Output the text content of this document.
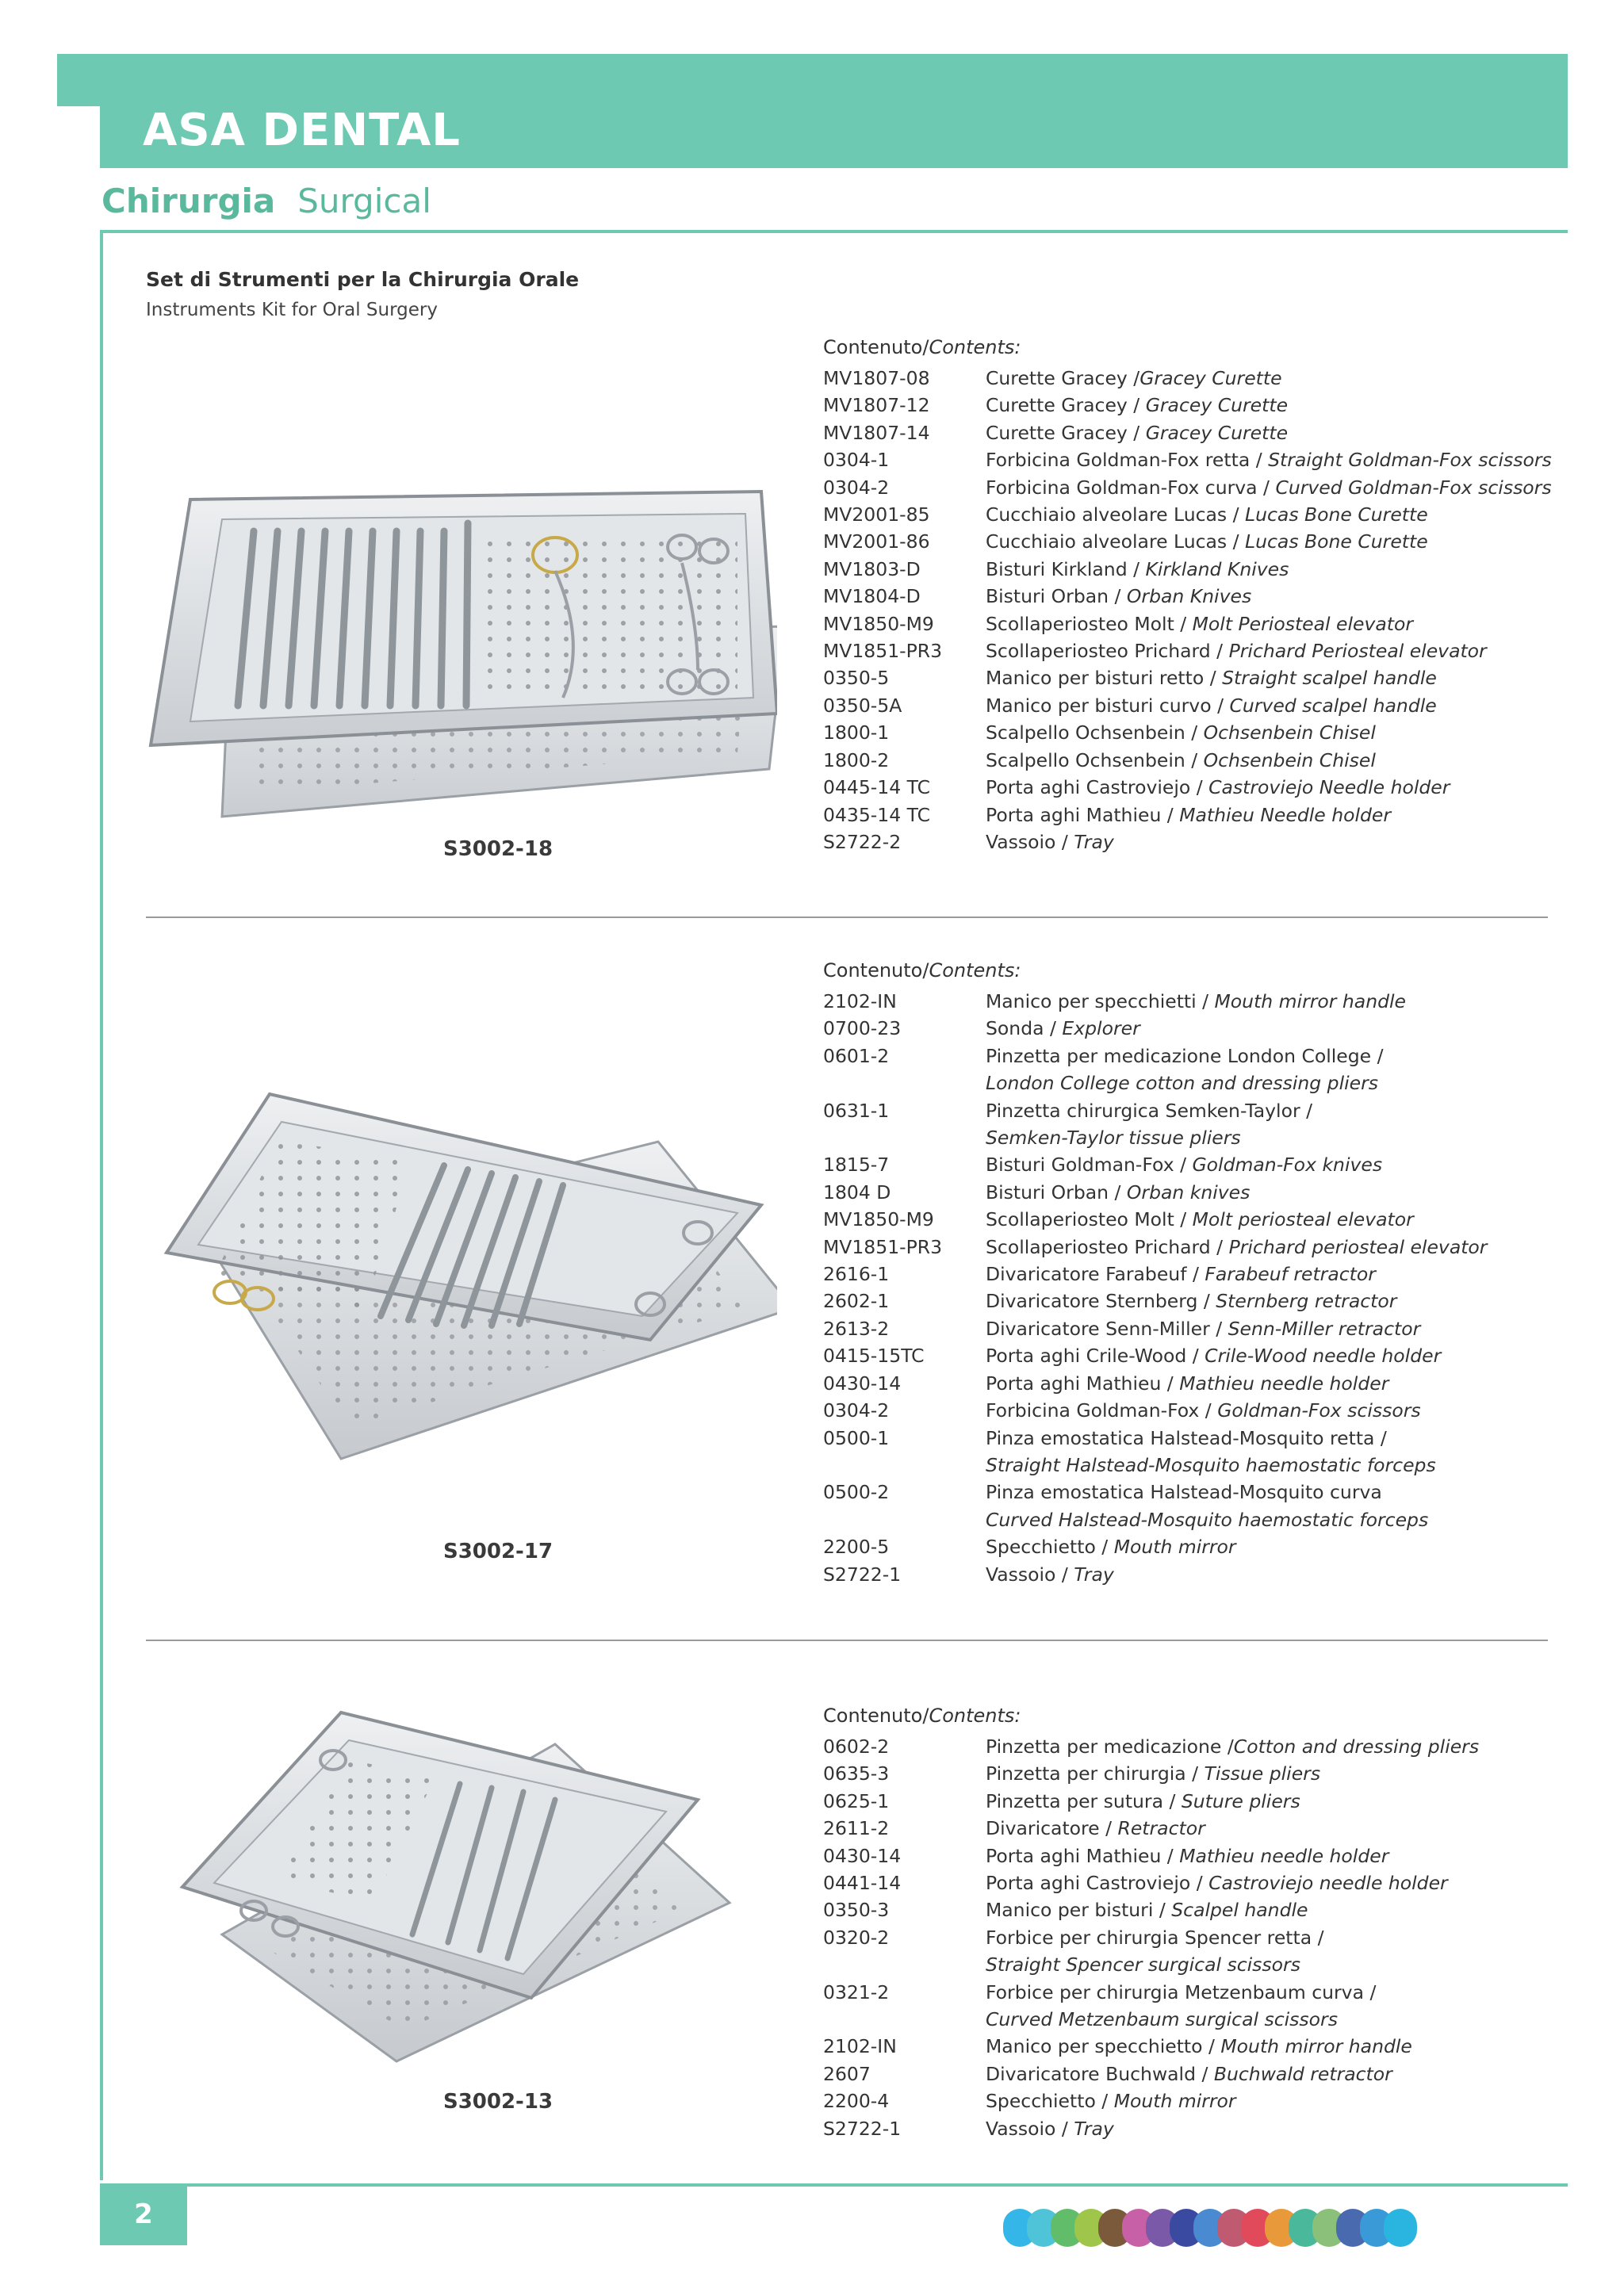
ASA DENTAL
Chirurgia Surgical
Set di Strumenti per la Chirurgia Orale
Instruments Kit for Oral Surgery
S3002-18
Contenuto/Contents:
MV1807-08	Curette Gracey /Gracey Curette
MV1807-12	Curette Gracey / Gracey Curette
MV1807-14	Curette Gracey / Gracey Curette
0304-1	Forbicina Goldman-Fox retta / Straight Goldman-Fox scissors
0304-2	Forbicina Goldman-Fox curva / Curved Goldman-Fox scissors
MV2001-85	Cucchiaio alveolare Lucas / Lucas Bone Curette
MV2001-86	Cucchiaio alveolare Lucas / Lucas Bone Curette
MV1803-D	Bisturi Kirkland / Kirkland Knives
MV1804-D	Bisturi Orban / Orban Knives
MV1850-M9	Scollaperiosteo Molt / Molt Periosteal elevator
MV1851-PR3	Scollaperiosteo Prichard / Prichard Periosteal elevator
0350-5	Manico per bisturi retto / Straight scalpel handle
0350-5A	Manico per bisturi curvo / Curved scalpel handle
1800-1	Scalpello Ochsenbein / Ochsenbein Chisel
1800-2	Scalpello Ochsenbein / Ochsenbein Chisel
0445-14 TC	Porta aghi Castroviejo / Castroviejo Needle holder
0435-14 TC	Porta aghi Mathieu / Mathieu Needle holder
S2722-2	Vassoio / Tray
S3002-17
Contenuto/Contents:
2102-IN	Manico per specchietti / Mouth mirror handle
0700-23	Sonda / Explorer
0601-2	Pinzetta per medicazione London College /
London College cotton and dressing pliers
0631-1	Pinzetta chirurgica Semken-Taylor /
Semken-Taylor tissue pliers
1815-7	Bisturi Goldman-Fox / Goldman-Fox knives
1804 D	Bisturi Orban / Orban knives
MV1850-M9	Scollaperiosteo Molt / Molt periosteal elevator
MV1851-PR3	Scollaperiosteo Prichard / Prichard periosteal elevator
2616-1	Divaricatore Farabeuf / Farabeuf retractor
2602-1	Divaricatore Sternberg / Sternberg retractor
2613-2	Divaricatore Senn-Miller / Senn-Miller retractor
0415-15TC	Porta aghi Crile-Wood / Crile-Wood needle holder
0430-14	Porta aghi Mathieu / Mathieu needle holder
0304-2	Forbicina Goldman-Fox / Goldman-Fox scissors
0500-1	Pinza emostatica Halstead-Mosquito retta /
Straight Halstead-Mosquito haemostatic forceps
0500-2	Pinza emostatica Halstead-Mosquito curva
Curved Halstead-Mosquito haemostatic forceps
2200-5	Specchietto / Mouth mirror
S2722-1	Vassoio / Tray
S3002-13
Contenuto/Contents:
0602-2	Pinzetta per medicazione /Cotton and dressing pliers
0635-3	Pinzetta per chirurgia / Tissue pliers
0625-1	Pinzetta per sutura / Suture pliers
2611-2	Divaricatore / Retractor
0430-14	Porta aghi Mathieu / Mathieu needle holder
0441-14	Porta aghi Castroviejo / Castroviejo needle holder
0350-3	Manico per bisturi / Scalpel handle
0320-2	Forbice per chirurgia Spencer retta /
Straight Spencer surgical scissors
0321-2	Forbice per chirurgia Metzenbaum curva /
Curved Metzenbaum surgical scissors
2102-IN	Manico per specchietto / Mouth mirror handle
2607	Divaricatore Buchwald / Buchwald retractor
2200-4	Specchietto / Mouth mirror
S2722-1	Vassoio / Tray
2
